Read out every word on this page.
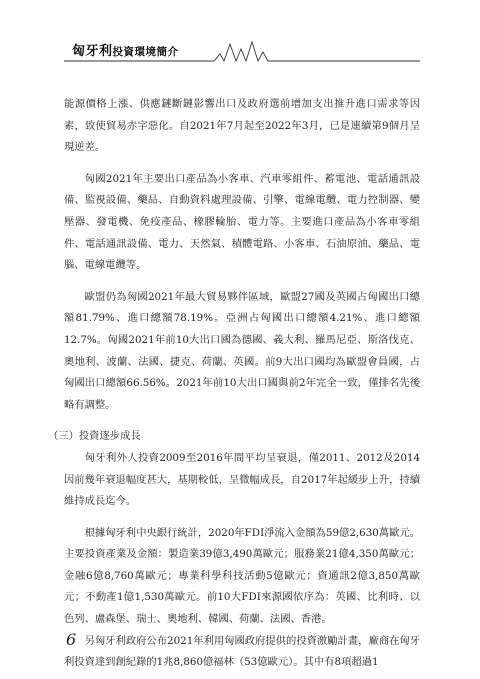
匈牙利投資環境簡介

能源價格上漲、供應鏈斷鏈影響出口及政府選前增加支出推升進口需求等因素，致使貿易赤字惡化。自2021年7月起至2022年3月，已是連續第9個月呈現逆差。

匈國2021年主要出口產品為小客車、汽車零組件、蓄電池、電話通訊設備、監視設備、藥品、自動資料處理設備、引擎、電線電纜、電力控制器、變壓器、發電機、免疫產品、橡膠輪胎、電力等。主要進口產品為小客車零組件、電話通訊設備、電力、天然氣、積體電路、小客車、石油原油、藥品、電腦、電線電纜等。

歐盟仍為匈國2021年最大貿易夥伴區域，歐盟27國及英國占匈國出口總額81.79%、進口總額78.19%。亞洲占匈國出口總額4.21%、進口總額12.7%。匈國2021年前10大出口國為德國、義大利、羅馬尼亞、斯洛伐克、奧地利、波蘭、法國、捷克、荷蘭、英國。前9大出口國均為歐盟會員國，占匈國出口總額66.56%。2021年前10大出口國與前2年完全一致，僅排名先後略有調整。

（三）投資逐步成長

匈牙利外人投資2009至2016年間平均呈衰退，僅2011、2012及2014因前幾年衰退幅度甚大，基期較低，呈微幅成長，自2017年起緩步上升，持續維持成長迄今。

根據匈牙利中央銀行統計，2020年FDI淨流入金額為59億2,630萬歐元。主要投資產業及金額：製造業39億3,490萬歐元；服務業21億4,350萬歐元；金融6億8,760萬歐元；專業科學科技活動5億歐元；資通訊2億3,850萬歐元；不動產1億1,530萬歐元。前10大FDI來源國依序為：英國、比利時、以色列、盧森堡、瑞士、奧地利、韓國、荷蘭、法國、香港。

另匈牙利政府公布2021年利用匈國政府提供的投資激勵計畫，廠商在匈牙利投資達到創紀錄的1兆8,860億福林（53億歐元）。其中有8項超過1

6
